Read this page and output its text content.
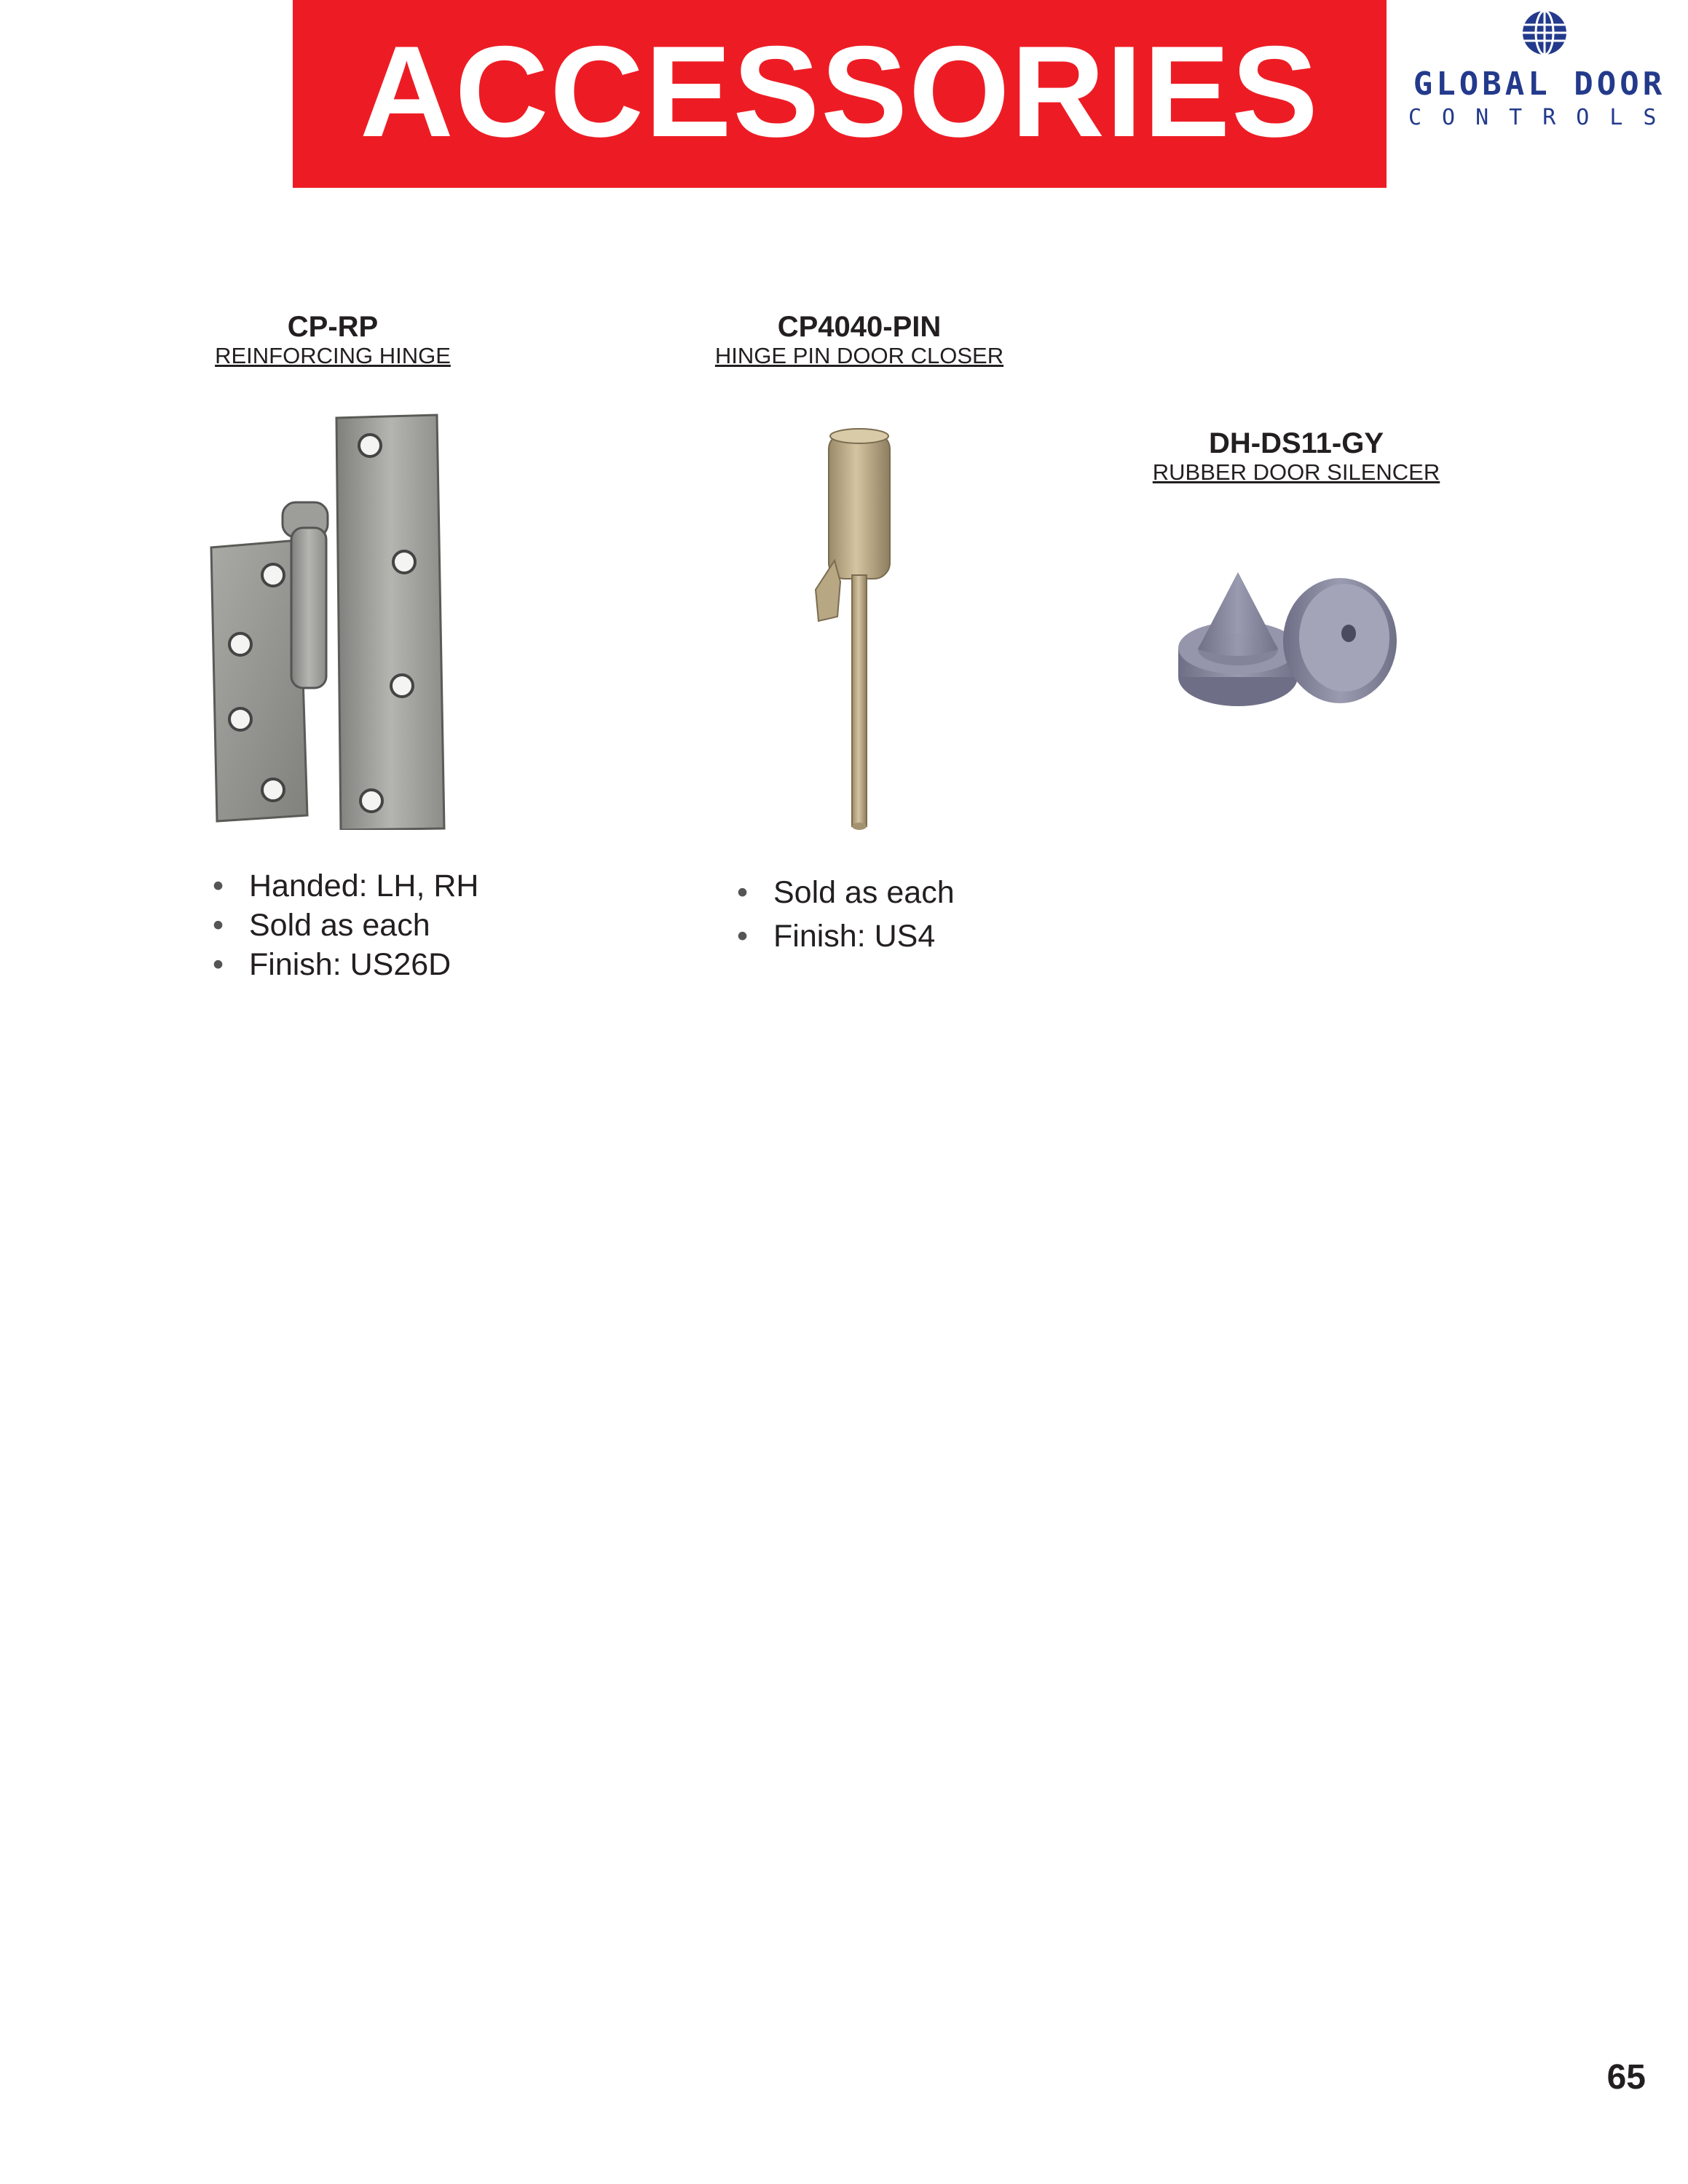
ACCESSORIES	GLOBAL DOOR
CONTROLS
CP-RP
REINFORCING HINGE
• Handed: LH, RH
• Sold as each
• Finish: US26D
CP4040-PIN
HINGE PIN DOOR CLOSER
• Sold as each
• Finish: US4
DH-DS11-GY
RUBBER DOOR SILENCER
65
